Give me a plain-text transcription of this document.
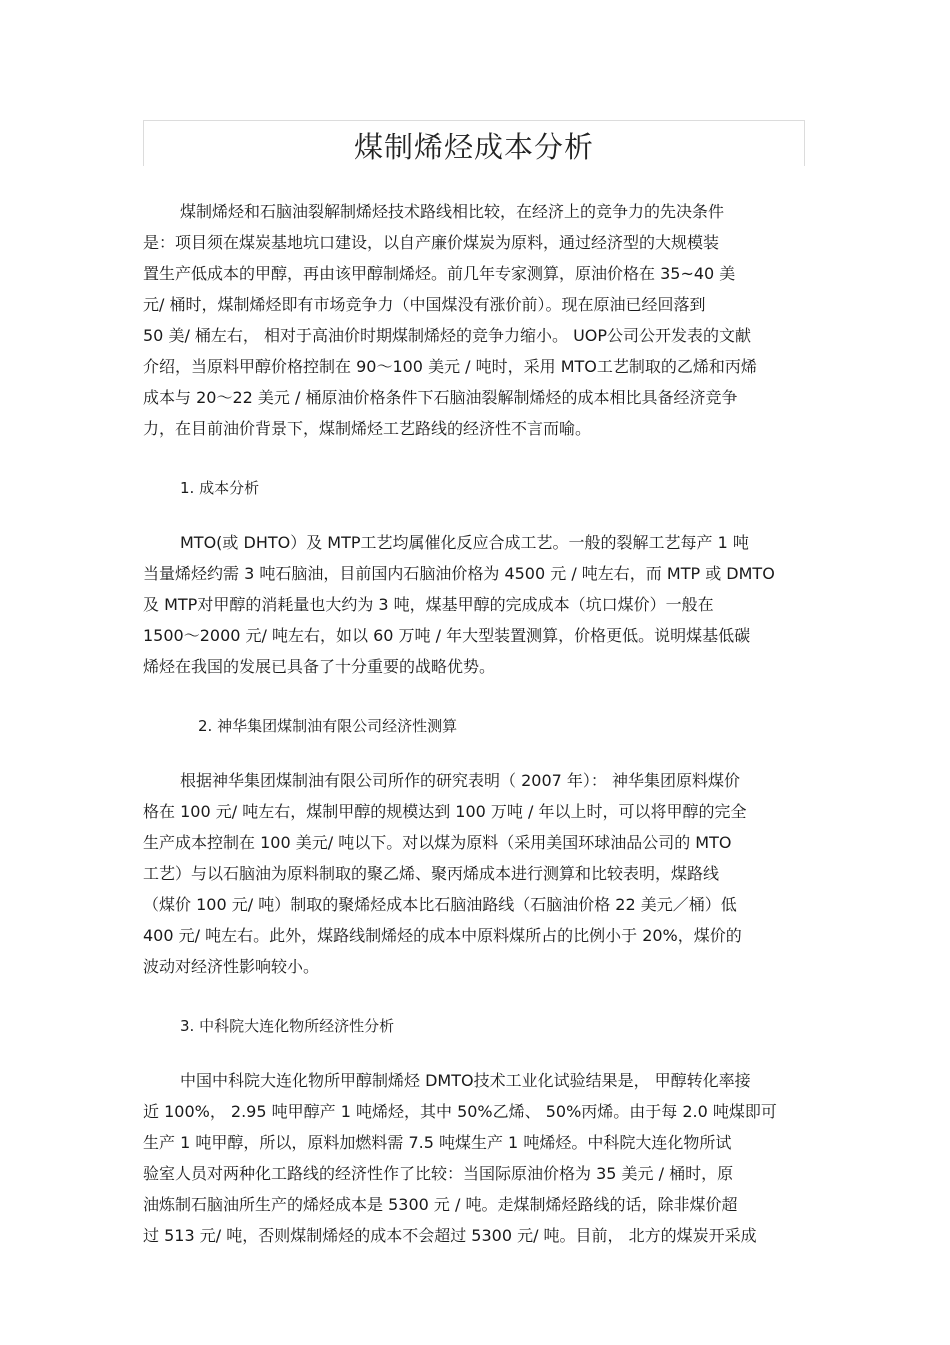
煤制烯烃成本分析

煤制烯烃和石脑油裂解制烯烃技术路线相比较，在经济上的竞争力的先决条件
是：项目须在煤炭基地坑口建设，以自产廉价煤炭为原料，通过经济型的大规模装
置生产低成本的甲醇，再由该甲醇制烯烃。前几年专家测算，原油价格在 35~40 美
元/ 桶时，煤制烯烃即有市场竞争力（中国煤没有涨价前）。现在原油已经回落到
50 美/ 桶左右， 相对于高油价时期煤制烯烃的竞争力缩小。 UOP公司公开发表的文献
介绍，当原料甲醇价格控制在 90～100 美元 / 吨时，采用 MTO工艺制取的乙烯和丙烯
成本与 20～22 美元 / 桶原油价格条件下石脑油裂解制烯烃的成本相比具备经济竞争
力，在目前油价背景下，煤制烯烃工艺路线的经济性不言而喻。

1. 成本分析

MTO(或 DHTO）及 MTP工艺均属催化反应合成工艺。一般的裂解工艺每产 1 吨
当量烯烃约需 3 吨石脑油，目前国内石脑油价格为 4500 元 / 吨左右，而 MTP 或 DMTO
及 MTP对甲醇的消耗量也大约为 3 吨，煤基甲醇的完成成本（坑口煤价）一般在
1500～2000 元/ 吨左右，如以 60 万吨 / 年大型装置测算，价格更低。说明煤基低碳
烯烃在我国的发展已具备了十分重要的战略优势。

2. 神华集团煤制油有限公司经济性测算

根据神华集团煤制油有限公司所作的研究表明（ 2007 年）： 神华集团原料煤价
格在 100 元/ 吨左右，煤制甲醇的规模达到 100 万吨 / 年以上时，可以将甲醇的完全
生产成本控制在 100 美元/ 吨以下。对以煤为原料（采用美国环球油品公司的 MTO
工艺）与以石脑油为原料制取的聚乙烯、聚丙烯成本进行测算和比较表明，煤路线
（煤价 100 元/ 吨）制取的聚烯烃成本比石脑油路线（石脑油价格 22 美元／桶）低
400 元/ 吨左右。此外，煤路线制烯烃的成本中原料煤所占的比例小于 20%，煤价的
波动对经济性影响较小。

3. 中科院大连化物所经济性分析

中国中科院大连化物所甲醇制烯烃 DMTO技术工业化试验结果是， 甲醇转化率接
近 100%， 2.95 吨甲醇产 1 吨烯烃，其中 50%乙烯、 50%丙烯。由于每 2.0 吨煤即可
生产 1 吨甲醇，所以，原料加燃料需 7.5 吨煤生产 1 吨烯烃。中科院大连化物所试
验室人员对两种化工路线的经济性作了比较：当国际原油价格为 35 美元 / 桶时，原
油炼制石脑油所生产的烯烃成本是 5300 元 / 吨。走煤制烯烃路线的话，除非煤价超
过 513 元/ 吨，否则煤制烯烃的成本不会超过 5300 元/ 吨。目前， 北方的煤炭开采成
